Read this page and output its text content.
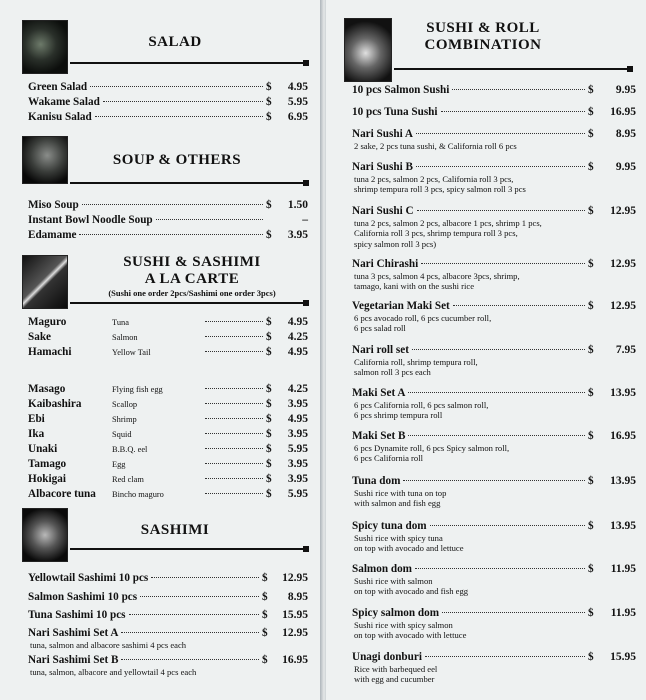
SALAD
Green Salad	$	4.95
Wakame Salad	$	5.95
Kanisu Salad	$	6.95
SOUP & OTHERS
Miso Soup	$	1.50
Instant Bowl Noodle Soup	–
Edamame	$	3.95
SUSHI & SASHIMI
A LA CARTE
(Sushi one order 2pcs/Sashimi one order 3pcs)
Maguro	Tuna	$	4.95
Sake	Salmon	$	4.25
Hamachi	Yellow Tail	$	4.95
Masago	Flying fish egg	$	4.25
Kaibashira	Scallop	$	3.95
Ebi	Shrimp	$	4.95
Ika	Squid	$	3.95
Unaki	B.B.Q. eel	$	5.95
Tamago	Egg	$	3.95
Hokigai	Red clam	$	3.95
Albacore tuna	Bincho maguro	$	5.95
SASHIMI
Yellowtail Sashimi 10 pcs	$	12.95
Salmon Sashimi 10 pcs	$	8.95
Tuna Sashimi 10 pcs	$	15.95
Nari Sashimi Set A	$	12.95
tuna, salmon and albacore sashimi 4 pcs each
Nari Sashimi Set B	$	16.95
tuna, salmon, albacore and yellowtail 4 pcs each
SUSHI & ROLL
COMBINATION
10 pcs Salmon Sushi	$	9.95
10 pcs Tuna Sushi	$	16.95
Nari Sushi A	$	8.95
2 sake, 2 pcs tuna sushi, & California roll 6 pcs
Nari Sushi B	$	9.95
tuna 2 pcs, salmon 2 pcs, California roll 3 pcs,
shrimp tempura roll 3 pcs, spicy salmon roll 3 pcs
Nari Sushi C	$	12.95
tuna 2 pcs, salmon 2 pcs, albacore 1 pcs, shrimp 1 pcs,
California roll 3 pcs, shrimp tempura roll 3 pcs,
spicy salmon roll 3 pcs)
Nari Chirashi	$	12.95
tuna 3 pcs, salmon 4 pcs, albacore 3pcs, shrimp,
tamago, kani with on the sushi rice
Vegetarian Maki Set	$	12.95
6 pcs avocado roll, 6 pcs cucumber roll,
6 pcs salad roll
Nari roll set	$	7.95
California roll, shrimp tempura roll,
salmon roll 3 pcs each
Maki Set A	$	13.95
6 pcs California roll, 6 pcs salmon roll,
6 pcs shrimp tempura roll
Maki Set B	$	16.95
6 pcs Dynamite roll, 6 pcs Spicy salmon roll,
6 pcs California roll
Tuna dom	$	13.95
Sushi rice with tuna on top
with salmon and fish egg
Spicy tuna dom	$	13.95
Sushi rice with spicy tuna
on top with avocado and lettuce
Salmon dom	$	11.95
Sushi rice with salmon
on top with avocado and fish egg
Spicy salmon dom	$	11.95
Sushi rice with spicy salmon
on top with avocado with lettuce
Unagi donburi	$	15.95
Rice with barbequed eel
with egg and cucumber
